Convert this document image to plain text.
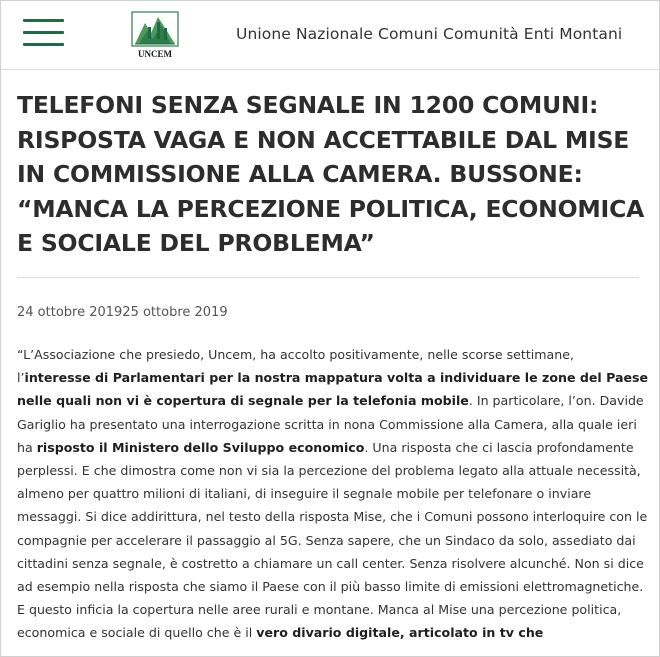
UNCEM
Unione Nazionale Comuni Comunità Enti Montani
TELEFONI SENZA SEGNALE IN 1200 COMUNI: RISPOSTA VAGA E NON ACCETTABILE DAL MISE IN COMMISSIONE ALLA CAMERA. BUSSONE: “MANCA LA PERCEZIONE POLITICA, ECONOMICA E SOCIALE DEL PROBLEMA”
24 ottobre 201925 ottobre 2019

“L’Associazione che presiedo, Uncem, ha accolto positivamente, nelle scorse settimane, l’interesse di Parlamentari per la nostra mappatura volta a individuare le zone del Paese nelle quali non vi è copertura di segnale per la telefonia mobile. In particolare, l’on. Davide Gariglio ha presentato una interrogazione scritta in nona Commissione alla Camera, alla quale ieri ha risposto il Ministero dello Sviluppo economico. Una risposta che ci lascia profondamente perplessi. E che dimostra come non vi sia la percezione del problema legato alla attuale necessità, almeno per quattro milioni di italiani, di inseguire il segnale mobile per telefonare o inviare messaggi. Si dice addirittura, nel testo della risposta Mise, che i Comuni possono interloquire con le compagnie per accelerare il passaggio al 5G. Senza sapere, che un Sindaco da solo, assediato dai cittadini senza segnale, è costretto a chiamare un call center. Senza risolvere alcunché. Non si dice ad esempio nella risposta che siamo il Paese con il più basso limite di emissioni elettromagnetiche. E questo inficia la copertura nelle aree rurali e montane. Manca al Mise una percezione politica, economica e sociale di quello che è il vero divario digitale, articolato in tv che
